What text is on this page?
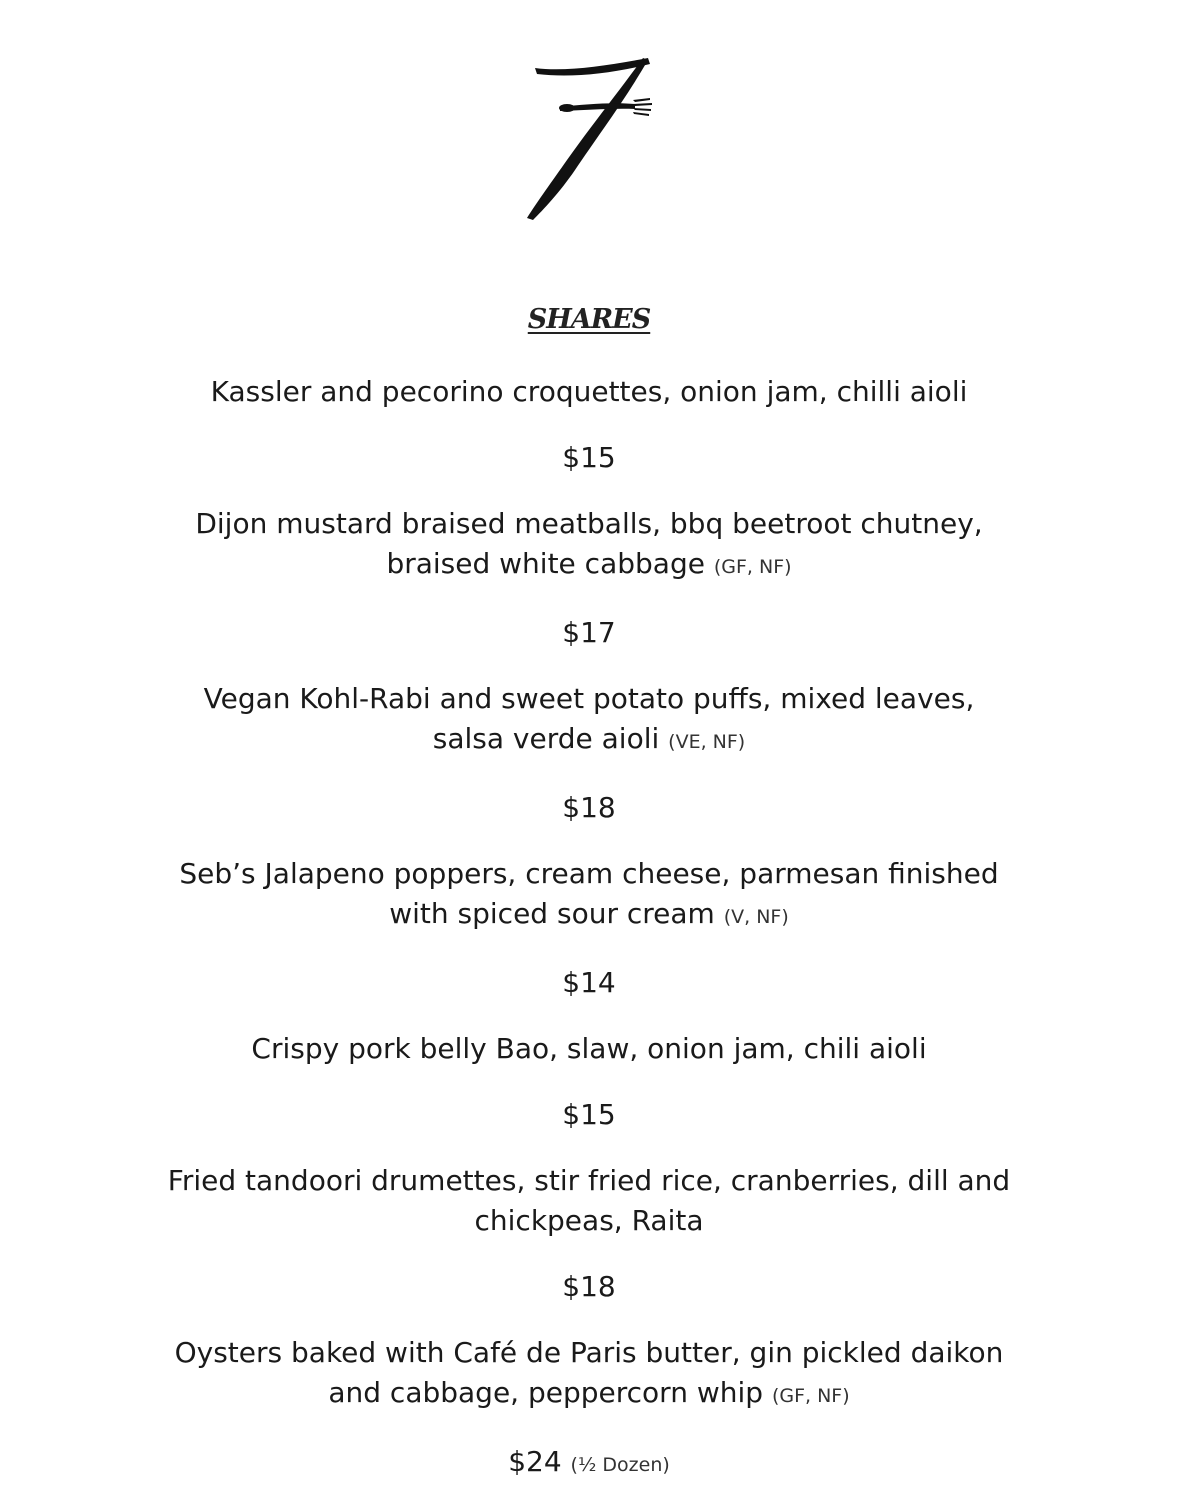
SHARES
Kassler and pecorino croquettes, onion jam, chilli aioli
$15
Dijon mustard braised meatballs, bbq beetroot chutney,
braised white cabbage (GF, NF)
$17
Vegan Kohl-Rabi and sweet potato puffs, mixed leaves,
salsa verde aioli (VE, NF)
$18
Seb’s Jalapeno poppers, cream cheese, parmesan finished
with spiced sour cream (V, NF)
$14
Crispy pork belly Bao, slaw, onion jam, chili aioli
$15
Fried tandoori drumettes, stir fried rice, cranberries, dill and
chickpeas, Raita
$18
Oysters baked with Café de Paris butter, gin pickled daikon
and cabbage, peppercorn whip (GF, NF)
$24 (½ Dozen)
